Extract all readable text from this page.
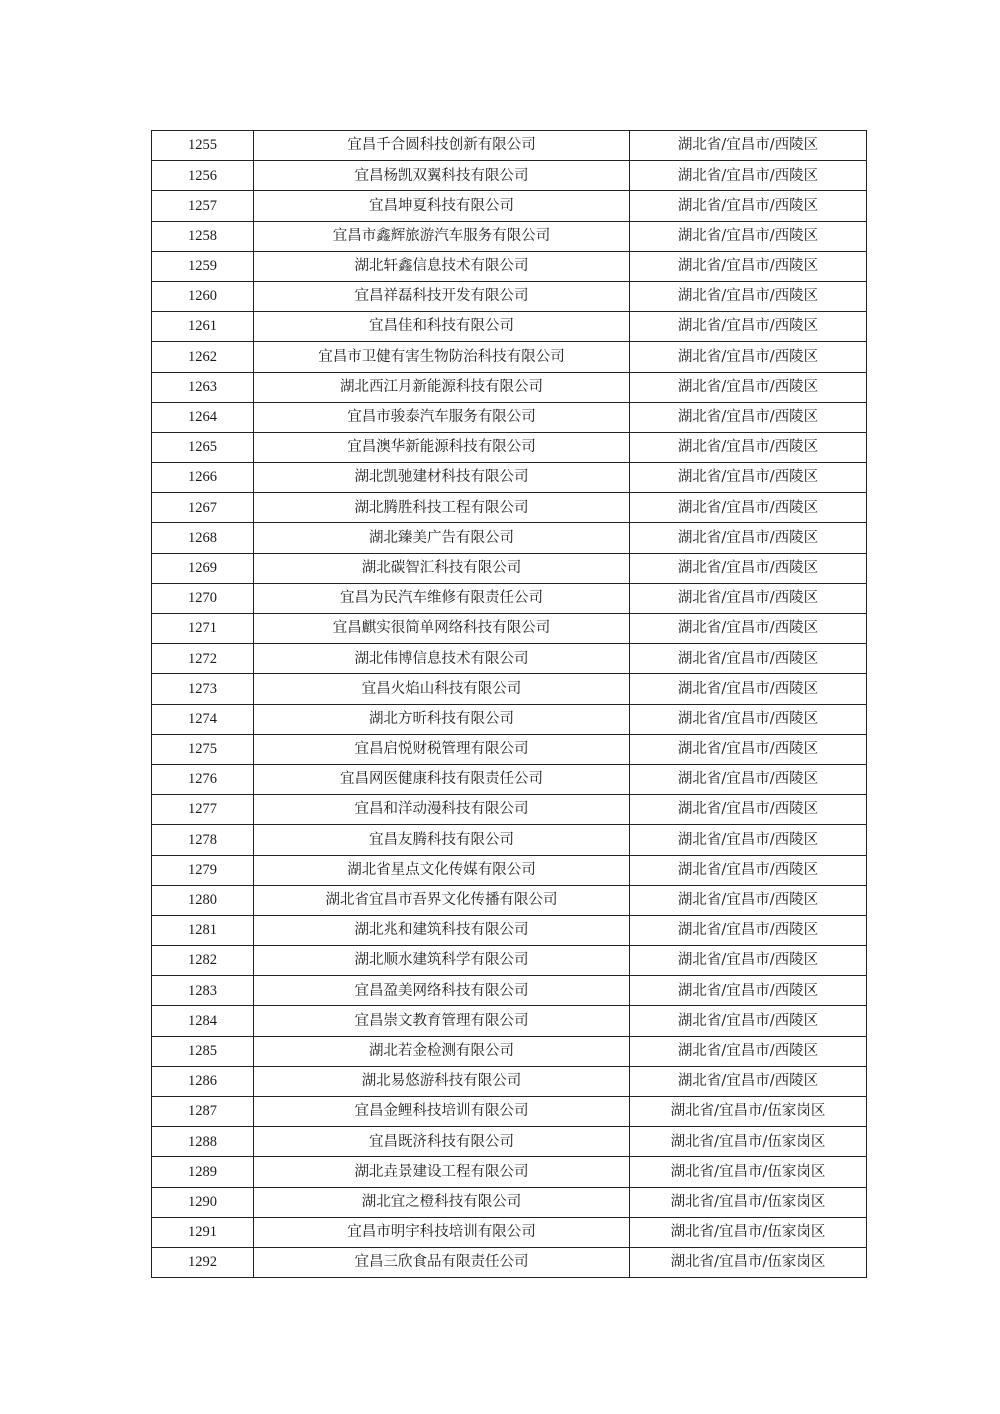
1255	宜昌千合圆科技创新有限公司	湖北省/宜昌市/西陵区
1256	宜昌杨凯双翼科技有限公司	湖北省/宜昌市/西陵区
1257	宜昌坤夏科技有限公司	湖北省/宜昌市/西陵区
1258	宜昌市鑫辉旅游汽车服务有限公司	湖北省/宜昌市/西陵区
1259	湖北轩鑫信息技术有限公司	湖北省/宜昌市/西陵区
1260	宜昌祥磊科技开发有限公司	湖北省/宜昌市/西陵区
1261	宜昌佳和科技有限公司	湖北省/宜昌市/西陵区
1262	宜昌市卫健有害生物防治科技有限公司	湖北省/宜昌市/西陵区
1263	湖北西江月新能源科技有限公司	湖北省/宜昌市/西陵区
1264	宜昌市骏泰汽车服务有限公司	湖北省/宜昌市/西陵区
1265	宜昌澳华新能源科技有限公司	湖北省/宜昌市/西陵区
1266	湖北凯驰建材科技有限公司	湖北省/宜昌市/西陵区
1267	湖北腾胜科技工程有限公司	湖北省/宜昌市/西陵区
1268	湖北臻美广告有限公司	湖北省/宜昌市/西陵区
1269	湖北碳智汇科技有限公司	湖北省/宜昌市/西陵区
1270	宜昌为民汽车维修有限责任公司	湖北省/宜昌市/西陵区
1271	宜昌麒实很简单网络科技有限公司	湖北省/宜昌市/西陵区
1272	湖北伟博信息技术有限公司	湖北省/宜昌市/西陵区
1273	宜昌火焰山科技有限公司	湖北省/宜昌市/西陵区
1274	湖北方昕科技有限公司	湖北省/宜昌市/西陵区
1275	宜昌启悦财税管理有限公司	湖北省/宜昌市/西陵区
1276	宜昌网医健康科技有限责任公司	湖北省/宜昌市/西陵区
1277	宜昌和洋动漫科技有限公司	湖北省/宜昌市/西陵区
1278	宜昌友腾科技有限公司	湖北省/宜昌市/西陵区
1279	湖北省星点文化传媒有限公司	湖北省/宜昌市/西陵区
1280	湖北省宜昌市吾界文化传播有限公司	湖北省/宜昌市/西陵区
1281	湖北兆和建筑科技有限公司	湖北省/宜昌市/西陵区
1282	湖北顺水建筑科学有限公司	湖北省/宜昌市/西陵区
1283	宜昌盈美网络科技有限公司	湖北省/宜昌市/西陵区
1284	宜昌崇文教育管理有限公司	湖北省/宜昌市/西陵区
1285	湖北若金检测有限公司	湖北省/宜昌市/西陵区
1286	湖北易悠游科技有限公司	湖北省/宜昌市/西陵区
1287	宜昌金鲤科技培训有限公司	湖北省/宜昌市/伍家岗区
1288	宜昌既济科技有限公司	湖北省/宜昌市/伍家岗区
1289	湖北垚景建设工程有限公司	湖北省/宜昌市/伍家岗区
1290	湖北宜之橙科技有限公司	湖北省/宜昌市/伍家岗区
1291	宜昌市明宇科技培训有限公司	湖北省/宜昌市/伍家岗区
1292	宜昌三欣食品有限责任公司	湖北省/宜昌市/伍家岗区
